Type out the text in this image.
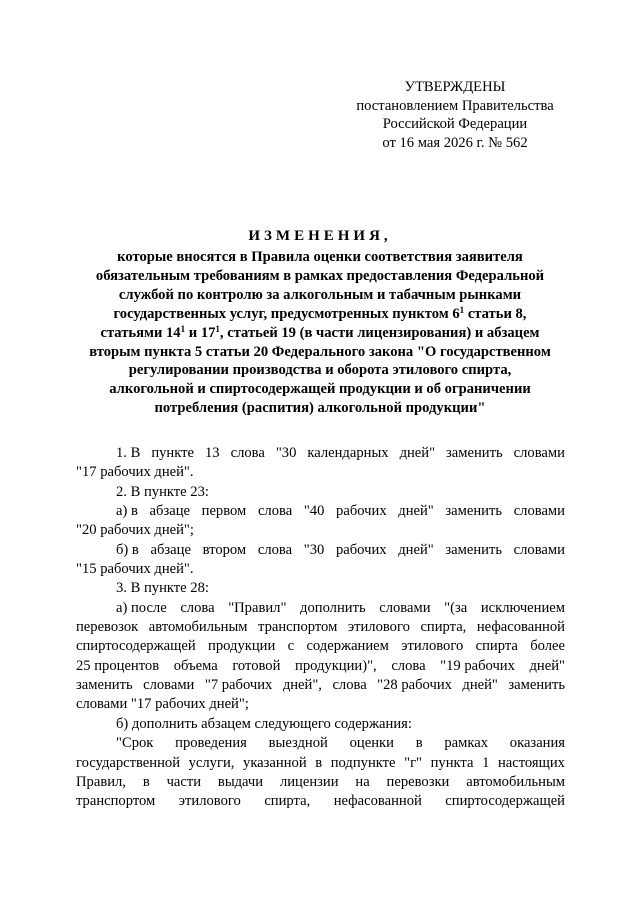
УТВЕРЖДЕНЫ
постановлением Правительства
Российской Федерации
от 16 мая 2026 г. № 562
ИЗМЕНЕНИЯ,
которые вносятся в Правила оценки соответствия заявителя
обязательным требованиям в рамках предоставления Федеральной
службой по контролю за алкогольным и табачным рынками
государственных услуг, предусмотренных пунктом $6^1$ статьи 8,
статьями $14^1$ и $17^1$, статьей 19 (в части лицензирования) и абзацем
вторым пункта 5 статьи 20 Федерального закона "О государственном
регулировании производства и оборота этилового спирта,
алкогольной и спиртосодержащей продукции и об ограничении
потребления (распития) алкогольной продукции"
1. В пункте 13 слова "30 календарных дней" заменить словами
"17 рабочих дней".
2. В пункте 23:
а) в абзаце первом слова "40 рабочих дней" заменить словами
"20 рабочих дней";
б) в абзаце втором слова "30 рабочих дней" заменить словами
"15 рабочих дней".
3. В пункте 28:
а) после слова "Правил" дополнить словами "(за исключением
перевозок автомобильным транспортом этилового спирта, нефасованной
спиртосодержащей продукции с содержанием этилового спирта более
25 процентов объема готовой продукции)", слова "19 рабочих дней"
заменить словами "7 рабочих дней", слова "28 рабочих дней" заменить
словами "17 рабочих дней";
б) дополнить абзацем следующего содержания:
"Срок проведения выездной оценки в рамках оказания
государственной услуги, указанной в подпункте "г" пункта 1 настоящих
Правил, в части выдачи лицензии на перевозки автомобильным
транспортом этилового спирта, нефасованной спиртосодержащей
